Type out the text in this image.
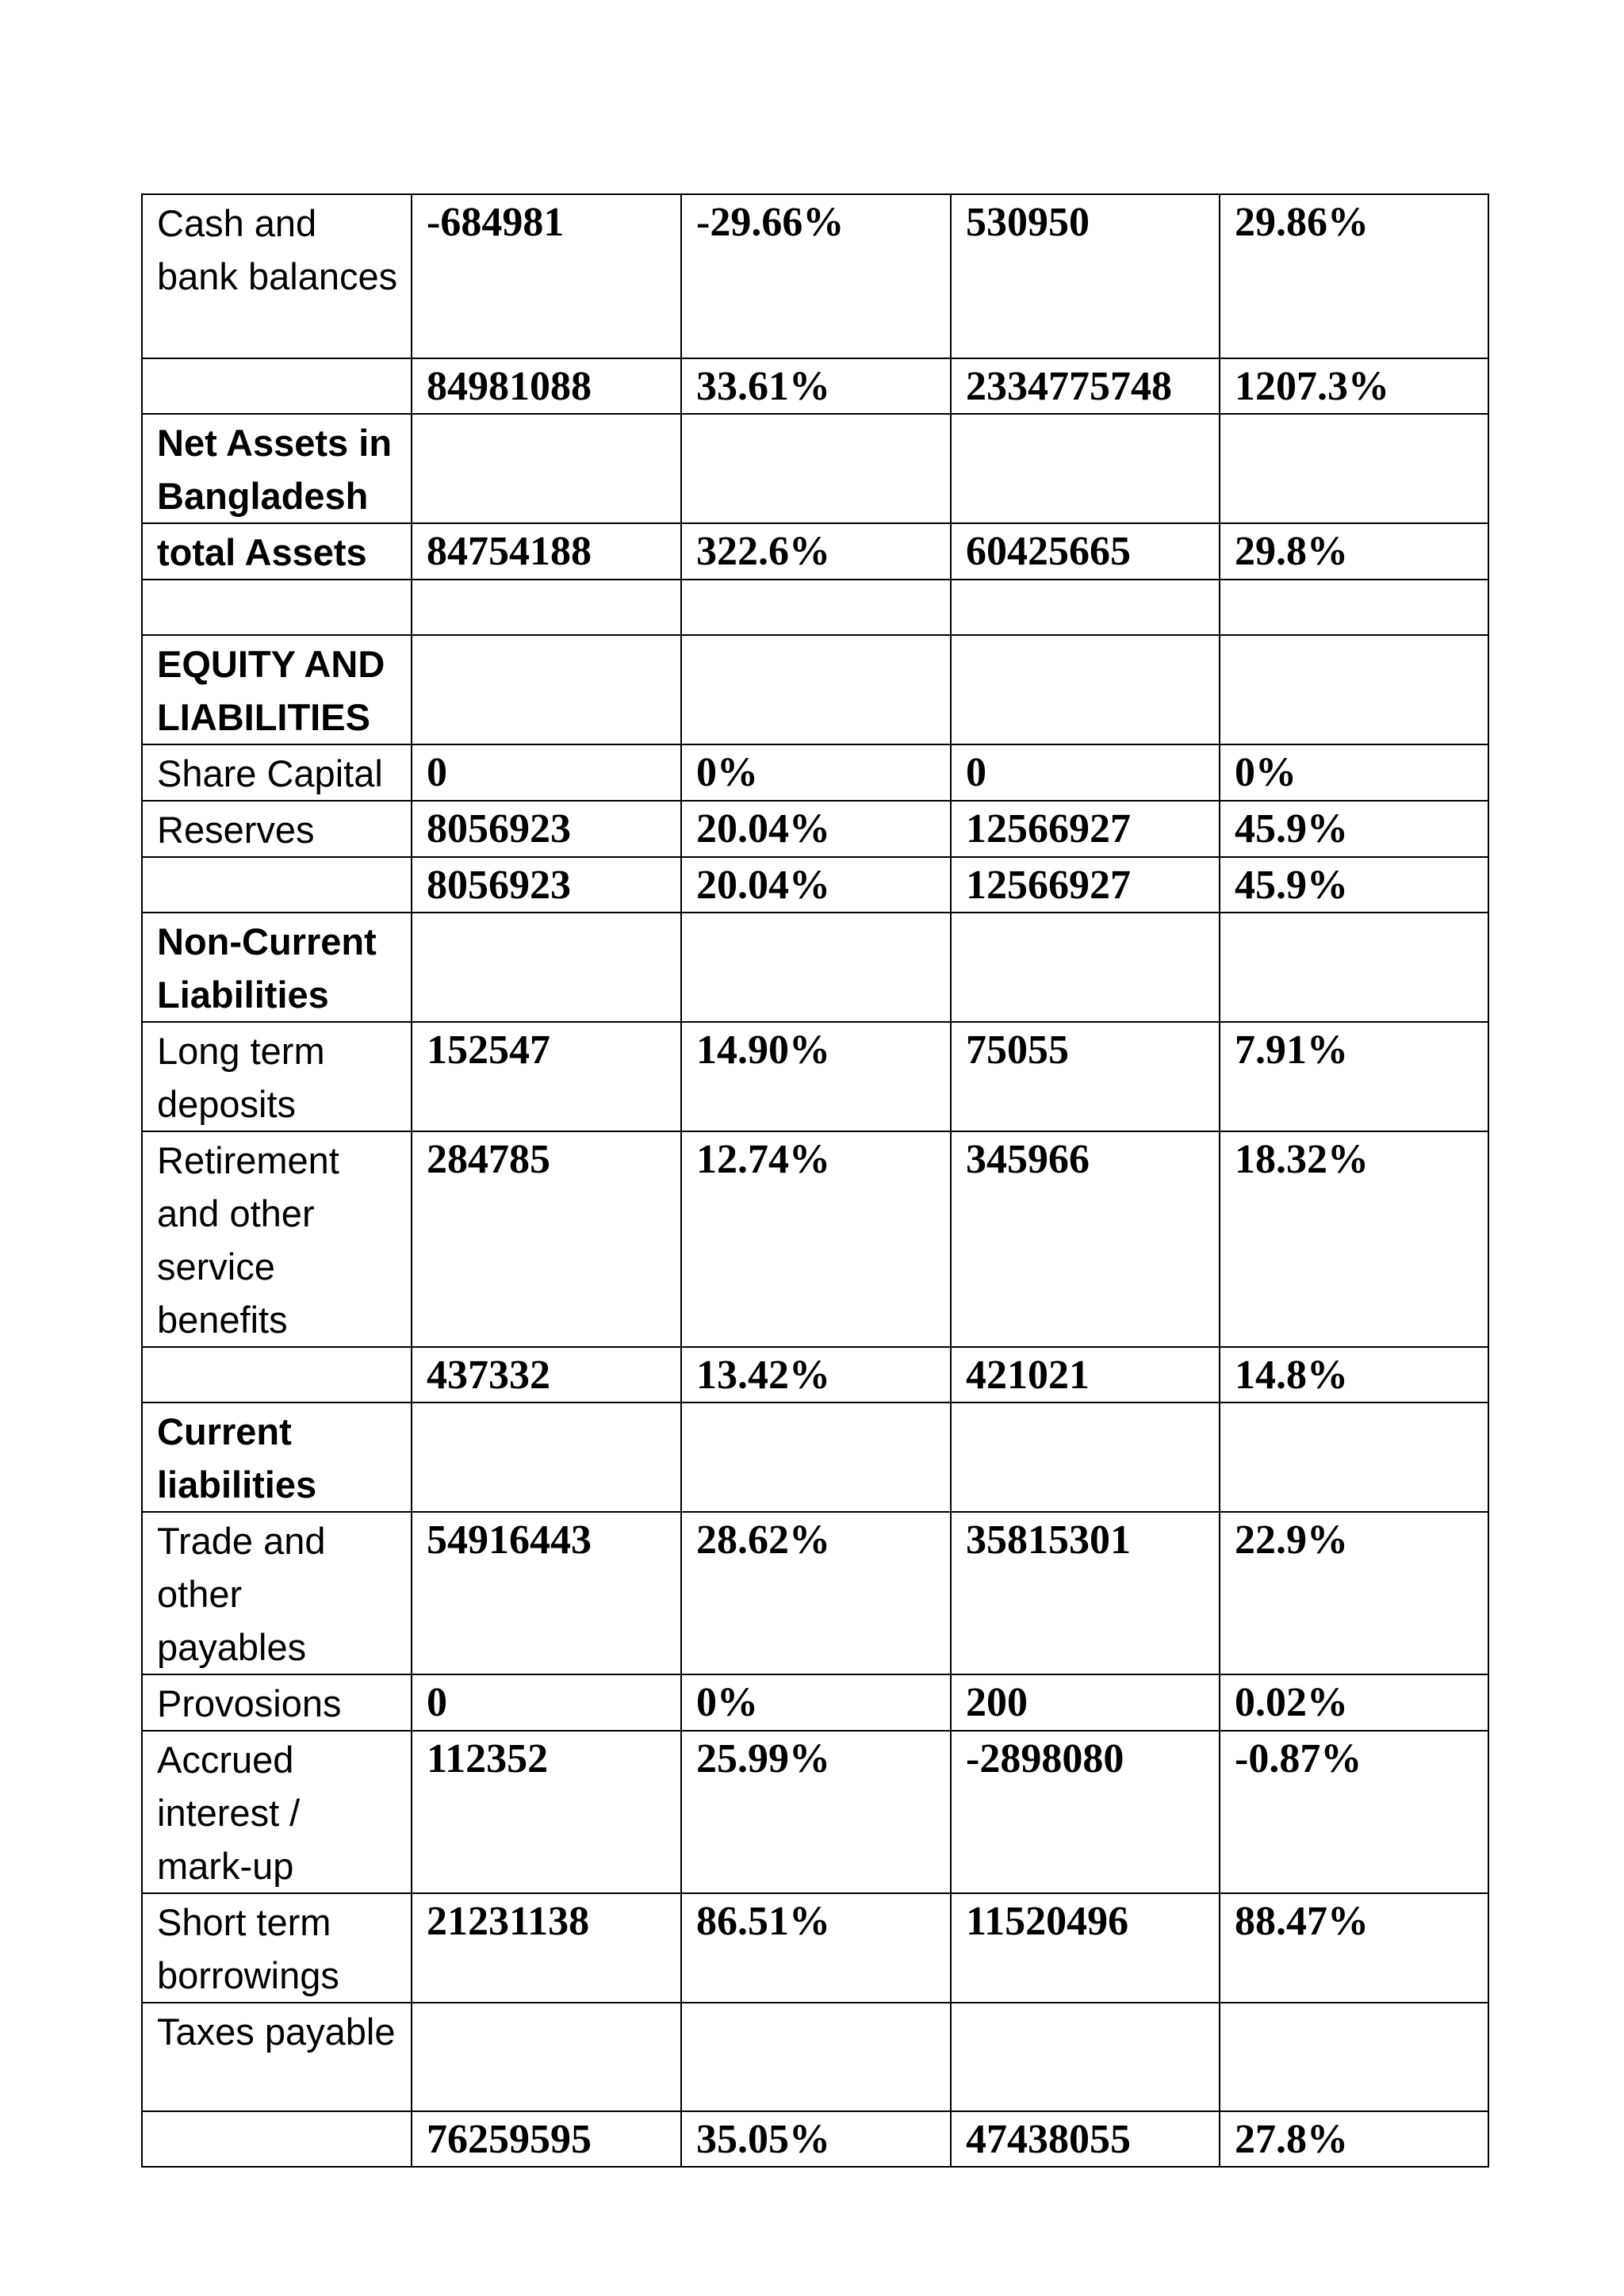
Cash and bank balances	-684981	-29.66%	530950	29.86%
	84981088	33.61%	2334775748	1207.3%
Net Assets in Bangladesh				
total Assets	84754188	322.6%	60425665	29.8%

EQUITY AND LIABILITIES				
Share Capital	0	0%	0	0%
Reserves	8056923	20.04%	12566927	45.9%
	8056923	20.04%	12566927	45.9%
Non-Current Liabilities				
Long term deposits	152547	14.90%	75055	7.91%
Retirement and other service benefits	284785	12.74%	345966	18.32%
	437332	13.42%	421021	14.8%
Current liabilities				
Trade and other payables	54916443	28.62%	35815301	22.9%
Provosions	0	0%	200	0.02%
Accrued interest / mark-up	112352	25.99%	-2898080	-0.87%
Short term borrowings	21231138	86.51%	11520496	88.47%
Taxes payable				
	76259595	35.05%	47438055	27.8%
